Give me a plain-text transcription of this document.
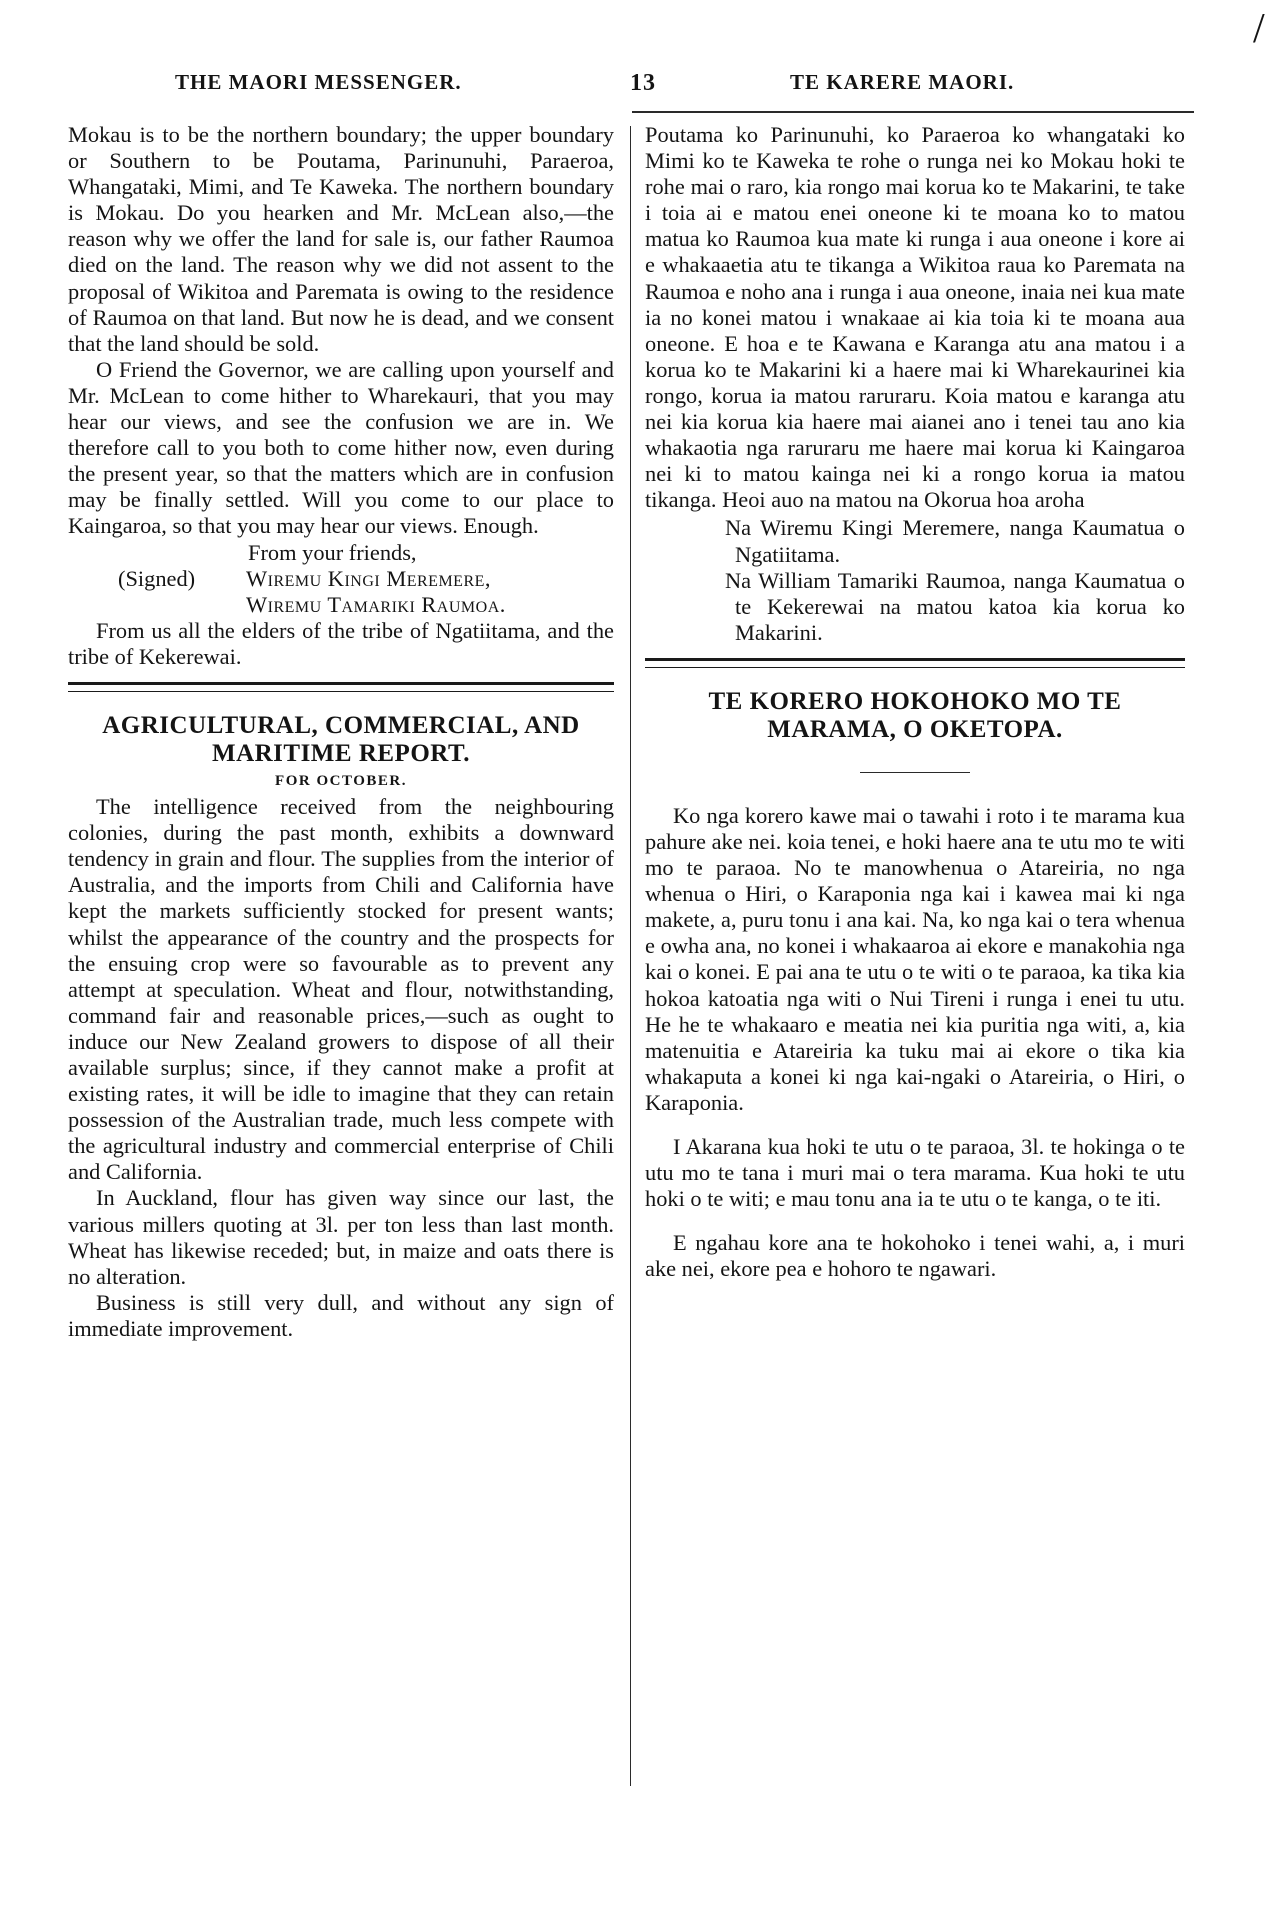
/
THE MAORI MESSENGER.	13	TE KARERE MAORI.

Mokau is to be the northern boundary; the upper boundary or Southern to be Poutama, Parinunuhi, Paraeroa, Whangataki, Mimi, and Te Kaweka. The northern boundary is Mokau. Do you hearken and Mr. McLean also,—the reason why we offer the land for sale is, our father Raumoa died on the land. The reason why we did not assent to the proposal of Wikitoa and Paremata is owing to the residence of Raumoa on that land. But now he is dead, and we consent that the land should be sold.

O Friend the Governor, we are calling upon yourself and Mr. McLean to come hither to Wharekauri, that you may hear our views, and see the confusion we are in. We therefore call to you both to come hither now, even during the present year, so that the matters which are in confusion may be finally settled. Will you come to our place to Kaingaroa, so that you may hear our views. Enough.

From your friends,

(Signed)	Wiremu Kingi Meremere,

Wiremu Tamariki Raumoa.

From us all the elders of the tribe of Ngatiitama, and the tribe of Kekerewai.

AGRICULTURAL, COMMERCIAL, AND MARITIME REPORT.

FOR OCTOBER.

The intelligence received from the neighbouring colonies, during the past month, exhibits a downward tendency in grain and flour. The supplies from the interior of Australia, and the imports from Chili and California have kept the markets sufficiently stocked for present wants; whilst the appearance of the country and the prospects for the ensuing crop were so favourable as to prevent any attempt at speculation. Wheat and flour, notwithstanding, command fair and reasonable prices,—such as ought to induce our New Zealand growers to dispose of all their available surplus; since, if they cannot make a profit at existing rates, it will be idle to imagine that they can retain possession of the Australian trade, much less compete with the agricultural industry and commercial enterprise of Chili and California.

In Auckland, flour has given way since our last, the various millers quoting at 3l. per ton less than last month. Wheat has likewise receded; but, in maize and oats there is no alteration.

Business is still very dull, and without any sign of immediate improvement.

Poutama ko Parinunuhi, ko Paraeroa ko whangataki ko Mimi ko te Kaweka te rohe o runga nei ko Mokau hoki te rohe mai o raro, kia rongo mai korua ko te Makarini, te take i toia ai e matou enei oneone ki te moana ko to matou matua ko Raumoa kua mate ki runga i aua oneone i kore ai e whakaaetia atu te tikanga a Wikitoa raua ko Paremata na Raumoa e noho ana i runga i aua oneone, inaia nei kua mate ia no konei matou i wnakaae ai kia toia ki te moana aua oneone. E hoa e te Kawana e Karanga atu ana matou i a korua ko te Makarini ki a haere mai ki Wharekaurinei kia rongo, korua ia matou raruraru. Koia matou e karanga atu nei kia korua kia haere mai aianei ano i tenei tau ano kia whakaotia nga raruraru me haere mai korua ki Kaingaroa nei ki to matou kainga nei ki a rongo korua ia matou tikanga. Heoi auo na matou na Okorua hoa aroha

Na Wiremu Kingi Meremere, nanga Kaumatua o Ngatiitama.

Na William Tamariki Raumoa, nanga Kaumatua o te Kekerewai na matou katoa kia korua ko Makarini.

TE KORERO HOKOHOKO MO TE MARAMA, O OKETOPA.

Ko nga korero kawe mai o tawahi i roto i te marama kua pahure ake nei. koia tenei, e hoki haere ana te utu mo te witi mo te paraoa. No te manowhenua o Atareiria, no nga whenua o Hiri, o Karaponia nga kai i kawea mai ki nga makete, a, puru tonu i ana kai. Na, ko nga kai o tera whenua e owha ana, no konei i whakaaroa ai ekore e manakohia nga kai o konei. E pai ana te utu o te witi o te paraoa, ka tika kia hokoa katoatia nga witi o Nui Tireni i runga i enei tu utu. He he te whakaaro e meatia nei kia puritia nga witi, a, kia matenuitia e Atareiria ka tuku mai ai ekore o tika kia whakaputa a konei ki nga kai-ngaki o Atareiria, o Hiri, o Karaponia.

I Akarana kua hoki te utu o te paraoa, 3l. te hokinga o te utu mo te tana i muri mai o tera marama. Kua hoki te utu hoki o te witi; e mau tonu ana ia te utu o te kanga, o te iti.

E ngahau kore ana te hokohoko i tenei wahi, a, i muri ake nei, ekore pea e hohoro te ngawari.
